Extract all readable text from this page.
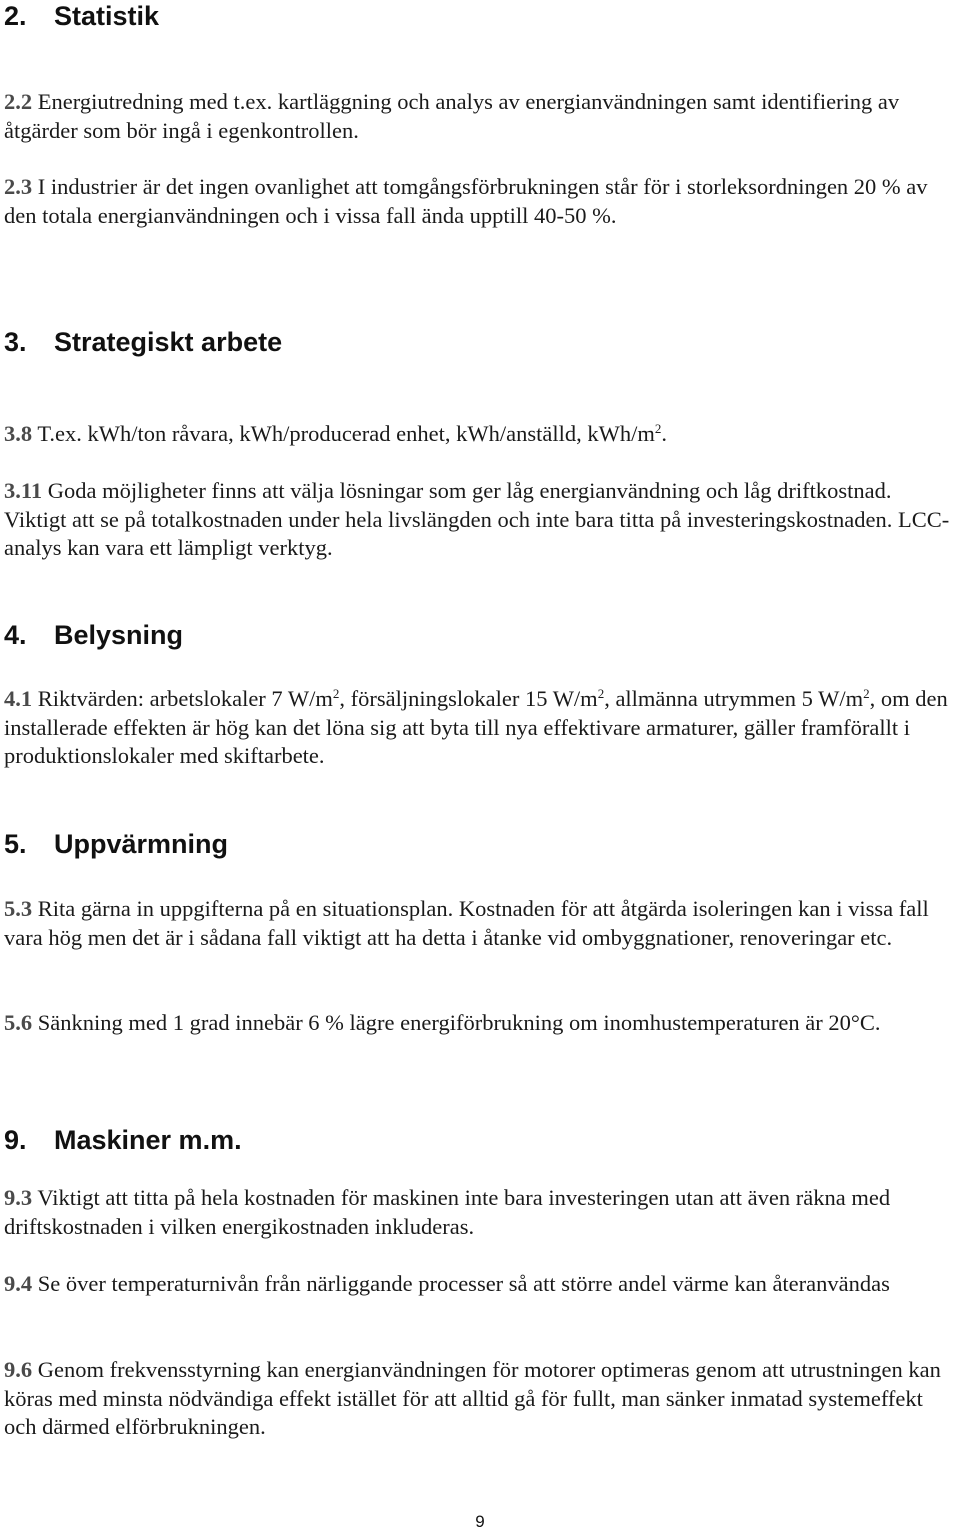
2. Statistik

2.2 Energiutredning med t.ex. kartläggning och analys av energianvändningen samt identifiering av åtgärder som bör ingå i egenkontrollen.

2.3 I industrier är det ingen ovanlighet att tomgångsförbrukningen står för i storleksordningen 20 % av den totala energianvändningen och i vissa fall ända upptill 40-50 %.

3. Strategiskt arbete

3.8 T.ex. kWh/ton råvara, kWh/producerad enhet, kWh/anställd, kWh/$m^2$.

3.11 Goda möjligheter finns att välja lösningar som ger låg energianvändning och låg driftkostnad. Viktigt att se på totalkostnaden under hela livslängden och inte bara titta på investeringskostnaden. LCC-analys kan vara ett lämpligt verktyg.

4. Belysning

4.1 Riktvärden: arbetslokaler 7 $W/m^2$, försäljningslokaler 15 $W/m^2$, allmänna utrymmen 5 $W/m^2$, om den installerade effekten är hög kan det löna sig att byta till nya effektivare armaturer, gäller framförallt i produktionslokaler med skiftarbete.

5. Uppvärmning

5.3 Rita gärna in uppgifterna på en situationsplan. Kostnaden för att åtgärda isoleringen kan i vissa fall vara hög men det är i sådana fall viktigt att ha detta i åtanke vid ombyggnationer, renoveringar etc.

5.6 Sänkning med 1 grad innebär 6 % lägre energiförbrukning om inomhustemperaturen är 20°C.

9. Maskiner m.m.

9.3 Viktigt att titta på hela kostnaden för maskinen inte bara investeringen utan att även räkna med driftskostnaden i vilken energikostnaden inkluderas.

9.4 Se över temperaturnivån från närliggande processer så att större andel värme kan återanvändas

9.6 Genom frekvensstyrning kan energianvändningen för motorer optimeras genom att utrustningen kan köras med minsta nödvändiga effekt istället för att alltid gå för fullt, man sänker inmatad systemeffekt och därmed elförbrukningen.

9
